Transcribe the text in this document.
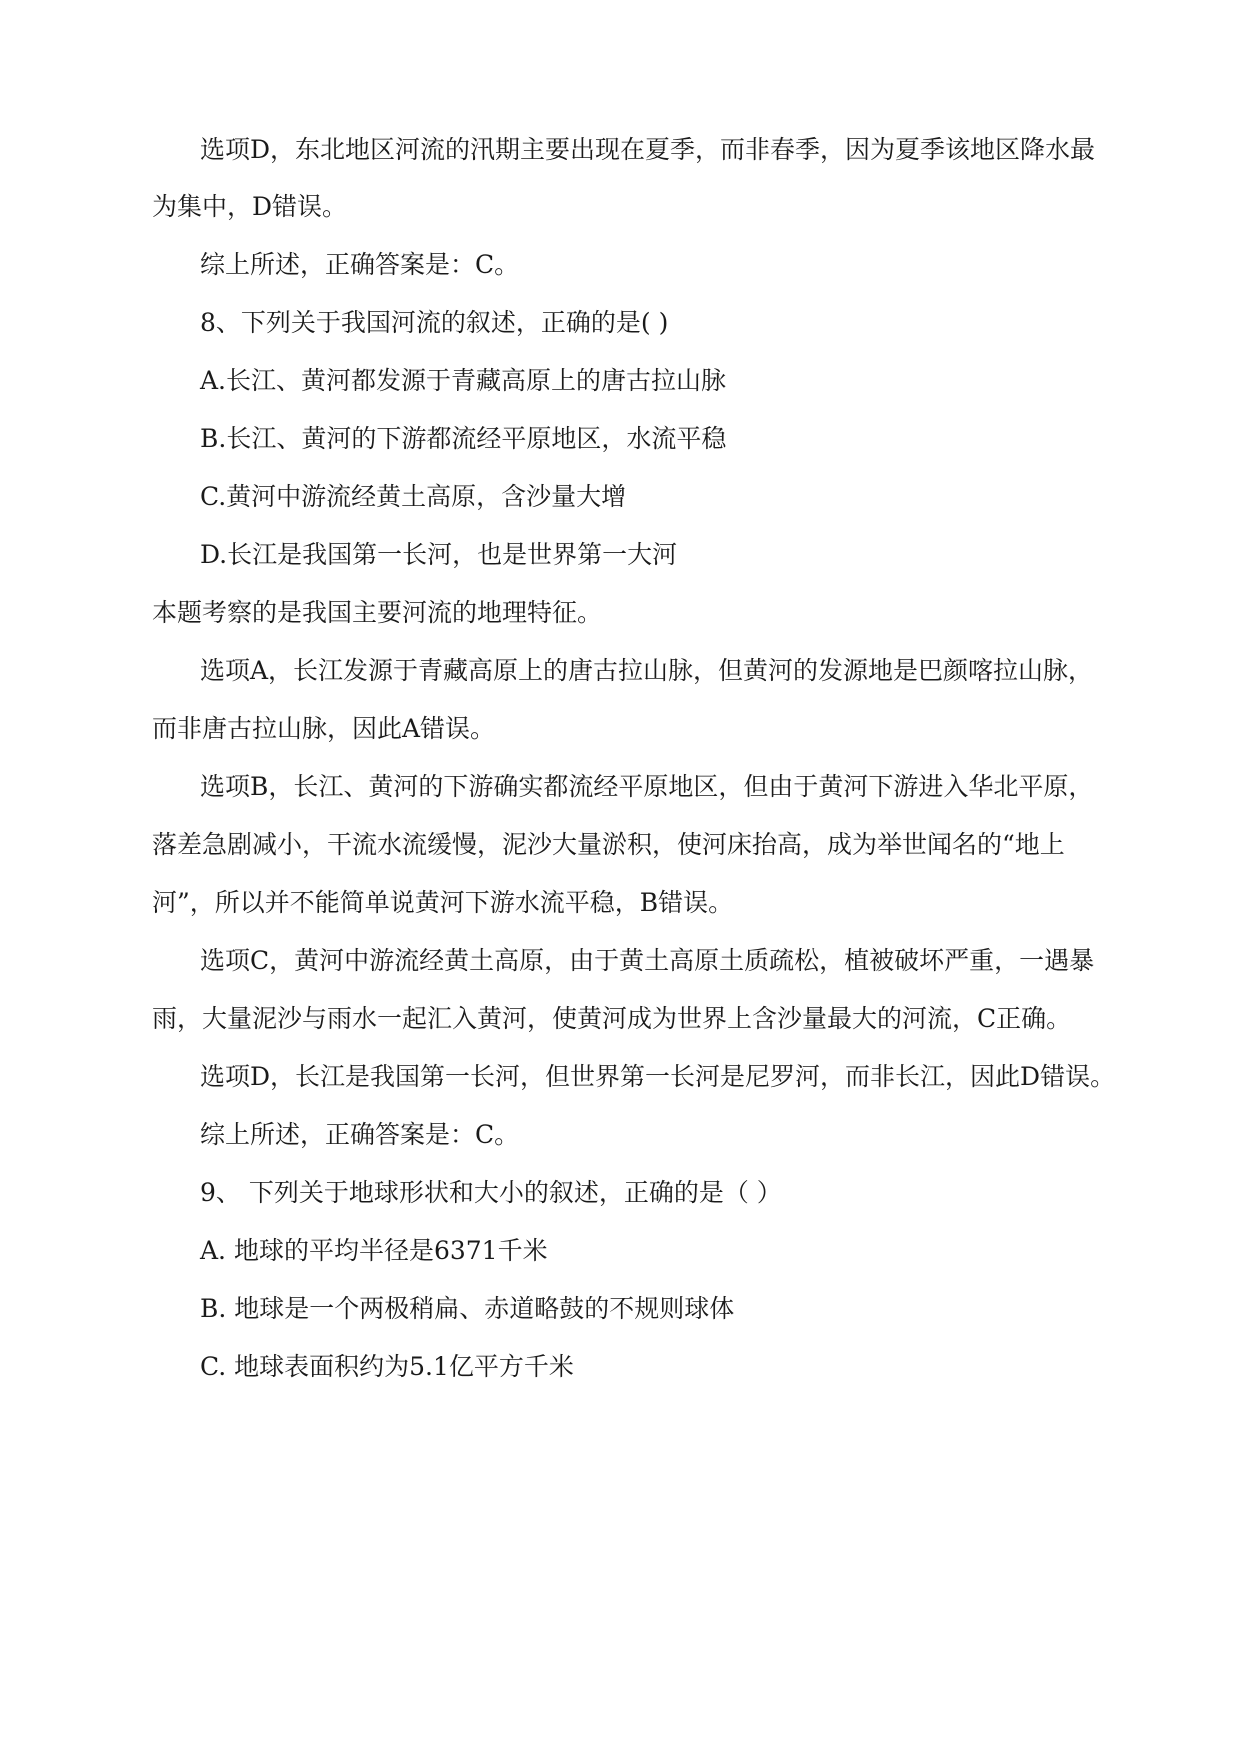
选项D，东北地区河流的汛期主要出现在夏季，而非春季，因为夏季该地区降水最

为集中，D错误。

综上所述，正确答案是：C。

8、下列关于我国河流的叙述，正确的是( )

A.长江、黄河都发源于青藏高原上的唐古拉山脉

B.长江、黄河的下游都流经平原地区，水流平稳

C.黄河中游流经黄土高原，含沙量大增

D.长江是我国第一长河，也是世界第一大河

本题考察的是我国主要河流的地理特征。

选项A，长江发源于青藏高原上的唐古拉山脉，但黄河的发源地是巴颜喀拉山脉，

而非唐古拉山脉，因此A错误。

选项B，长江、黄河的下游确实都流经平原地区，但由于黄河下游进入华北平原，

落差急剧减小，干流水流缓慢，泥沙大量淤积，使河床抬高，成为举世闻名的“地上

河”，所以并不能简单说黄河下游水流平稳，B错误。

选项C，黄河中游流经黄土高原，由于黄土高原土质疏松，植被破坏严重，一遇暴

雨，大量泥沙与雨水一起汇入黄河，使黄河成为世界上含沙量最大的河流，C正确。

选项D，长江是我国第一长河，但世界第一长河是尼罗河，而非长江，因此D错误。

综上所述，正确答案是：C。

9、 下列关于地球形状和大小的叙述，正确的是（ ）

A. 地球的平均半径是6371千米

B. 地球是一个两极稍扁、赤道略鼓的不规则球体

C. 地球表面积约为5.1亿平方千米
